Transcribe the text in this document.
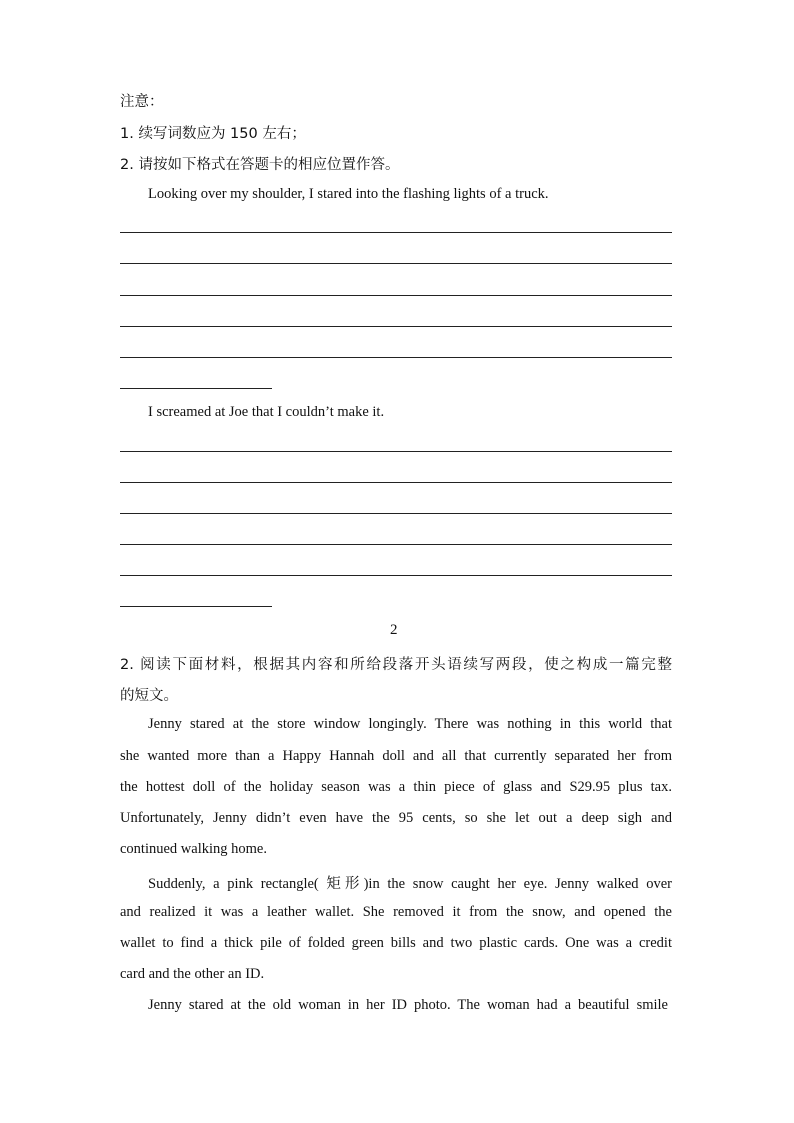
注意：
1. 续写词数应为 150 左右；
2. 请按如下格式在答题卡的相应位置作答。
Looking over my shoulder, I stared into the flashing lights of a truck.
I screamed at Joe that I couldn’t make it.
2
2. 阅读下面材料，根据其内容和所给段落开头语续写两段，使之构成一篇完整
的短文。
Jenny stared at the store window longingly. There was nothing in this world that
she wanted more than a Happy Hannah doll and all that currently separated her from
the hottest doll of the holiday season was a thin piece of glass and S29.95 plus tax.
Unfortunately, Jenny didn’t even have the 95 cents, so she let out a deep sigh and
continued walking home.
Suddenly, a pink rectangle( 矩形)in the snow caught her eye. Jenny walked over
and realized it was a leather wallet. She removed it from the snow, and opened the
wallet to find a thick pile of folded green bills and two plastic cards. One was a credit
card and the other an ID.
Jenny stared at the old woman in her ID photo. The woman had a beautiful smile
